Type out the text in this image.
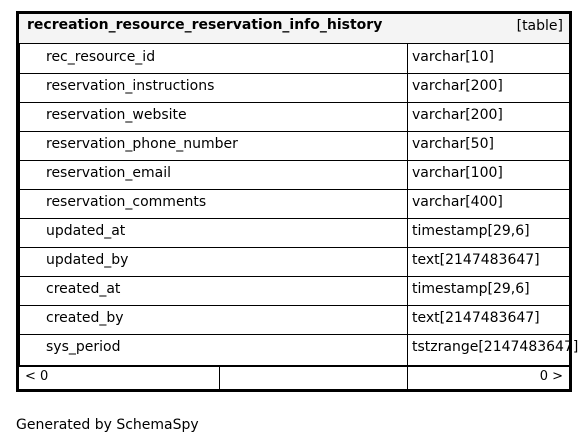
recreation_resource_reservation_info_history	[table]
rec_resource_id	varchar[10]
reservation_instructions	varchar[200]
reservation_website	varchar[200]
reservation_phone_number	varchar[50]
reservation_email	varchar[100]
reservation_comments	varchar[400]
updated_at	timestamp[29,6]
updated_by	text[2147483647]
created_at	timestamp[29,6]
created_by	text[2147483647]
sys_period	tstzrange[2147483647]
< 0	0 >
Generated by SchemaSpy
